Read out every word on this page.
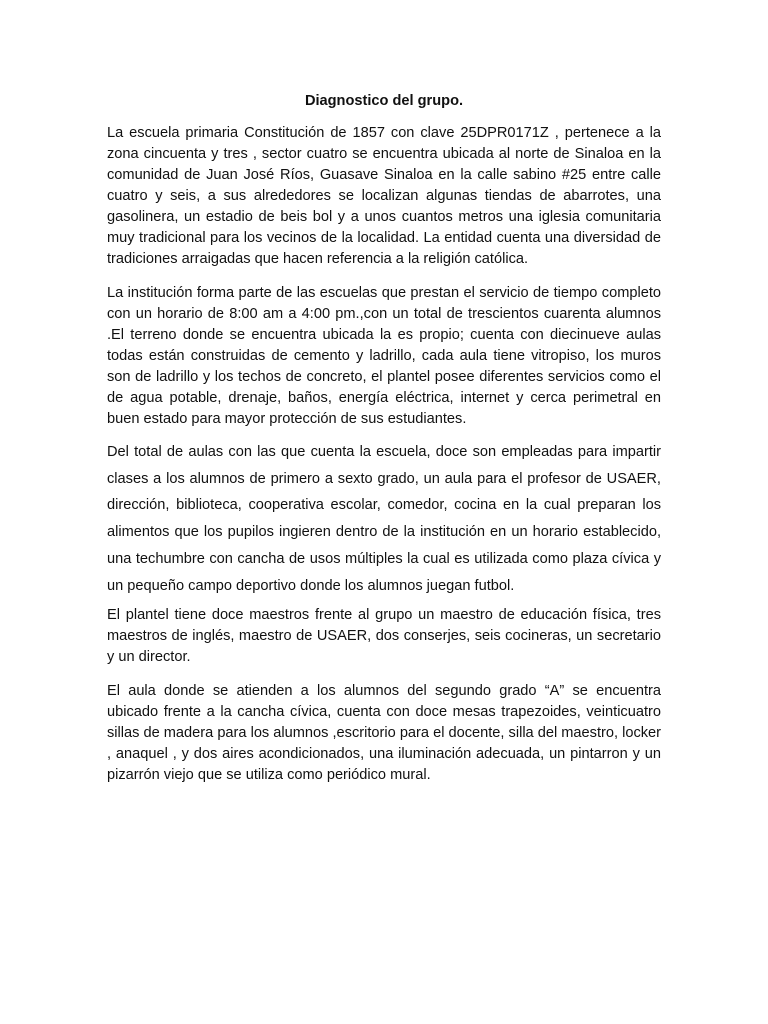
Diagnostico del grupo.

La escuela primaria Constitución de 1857 con clave 25DPR0171Z , pertenece a la zona cincuenta y tres , sector cuatro se encuentra ubicada al norte de Sinaloa en la comunidad de Juan José Ríos, Guasave Sinaloa en la calle sabino #25 entre calle cuatro y seis, a sus alrededores se localizan algunas tiendas de abarrotes, una gasolinera, un estadio de beis bol y a unos cuantos metros una iglesia comunitaria muy tradicional para los vecinos de la localidad. La entidad cuenta una diversidad de tradiciones arraigadas que hacen referencia a la religión católica.

La institución forma parte de las escuelas que prestan el servicio de tiempo completo con un horario de 8:00 am a 4:00 pm.,con un total de trescientos cuarenta alumnos .El terreno donde se encuentra ubicada la es propio; cuenta con diecinueve aulas todas están construidas de cemento y ladrillo, cada aula tiene vitropiso, los muros son de ladrillo y los techos de concreto, el plantel posee diferentes servicios como el de agua potable, drenaje, baños, energía eléctrica, internet y cerca perimetral en buen estado para mayor protección de sus estudiantes.

Del total de aulas con las que cuenta la escuela, doce son empleadas para impartir clases a los alumnos de primero a sexto grado, un aula para el profesor de USAER, dirección, biblioteca, cooperativa escolar, comedor, cocina en la cual preparan los alimentos que los pupilos ingieren dentro de la institución en un horario establecido, una techumbre con cancha de usos múltiples la cual es utilizada como plaza cívica y un pequeño campo deportivo donde los alumnos juegan futbol.

El plantel tiene doce maestros frente al grupo un maestro de educación física, tres maestros de inglés, maestro de USAER, dos conserjes, seis cocineras, un secretario y un director.

El aula donde se atienden a los alumnos del segundo grado “A” se encuentra ubicado frente a la cancha cívica, cuenta con doce mesas trapezoides, veinticuatro sillas de madera para los alumnos ,escritorio para el docente, silla del maestro, locker , anaquel , y dos aires acondicionados, una iluminación adecuada, un pintarron y un pizarrón viejo que se utiliza como periódico mural.
